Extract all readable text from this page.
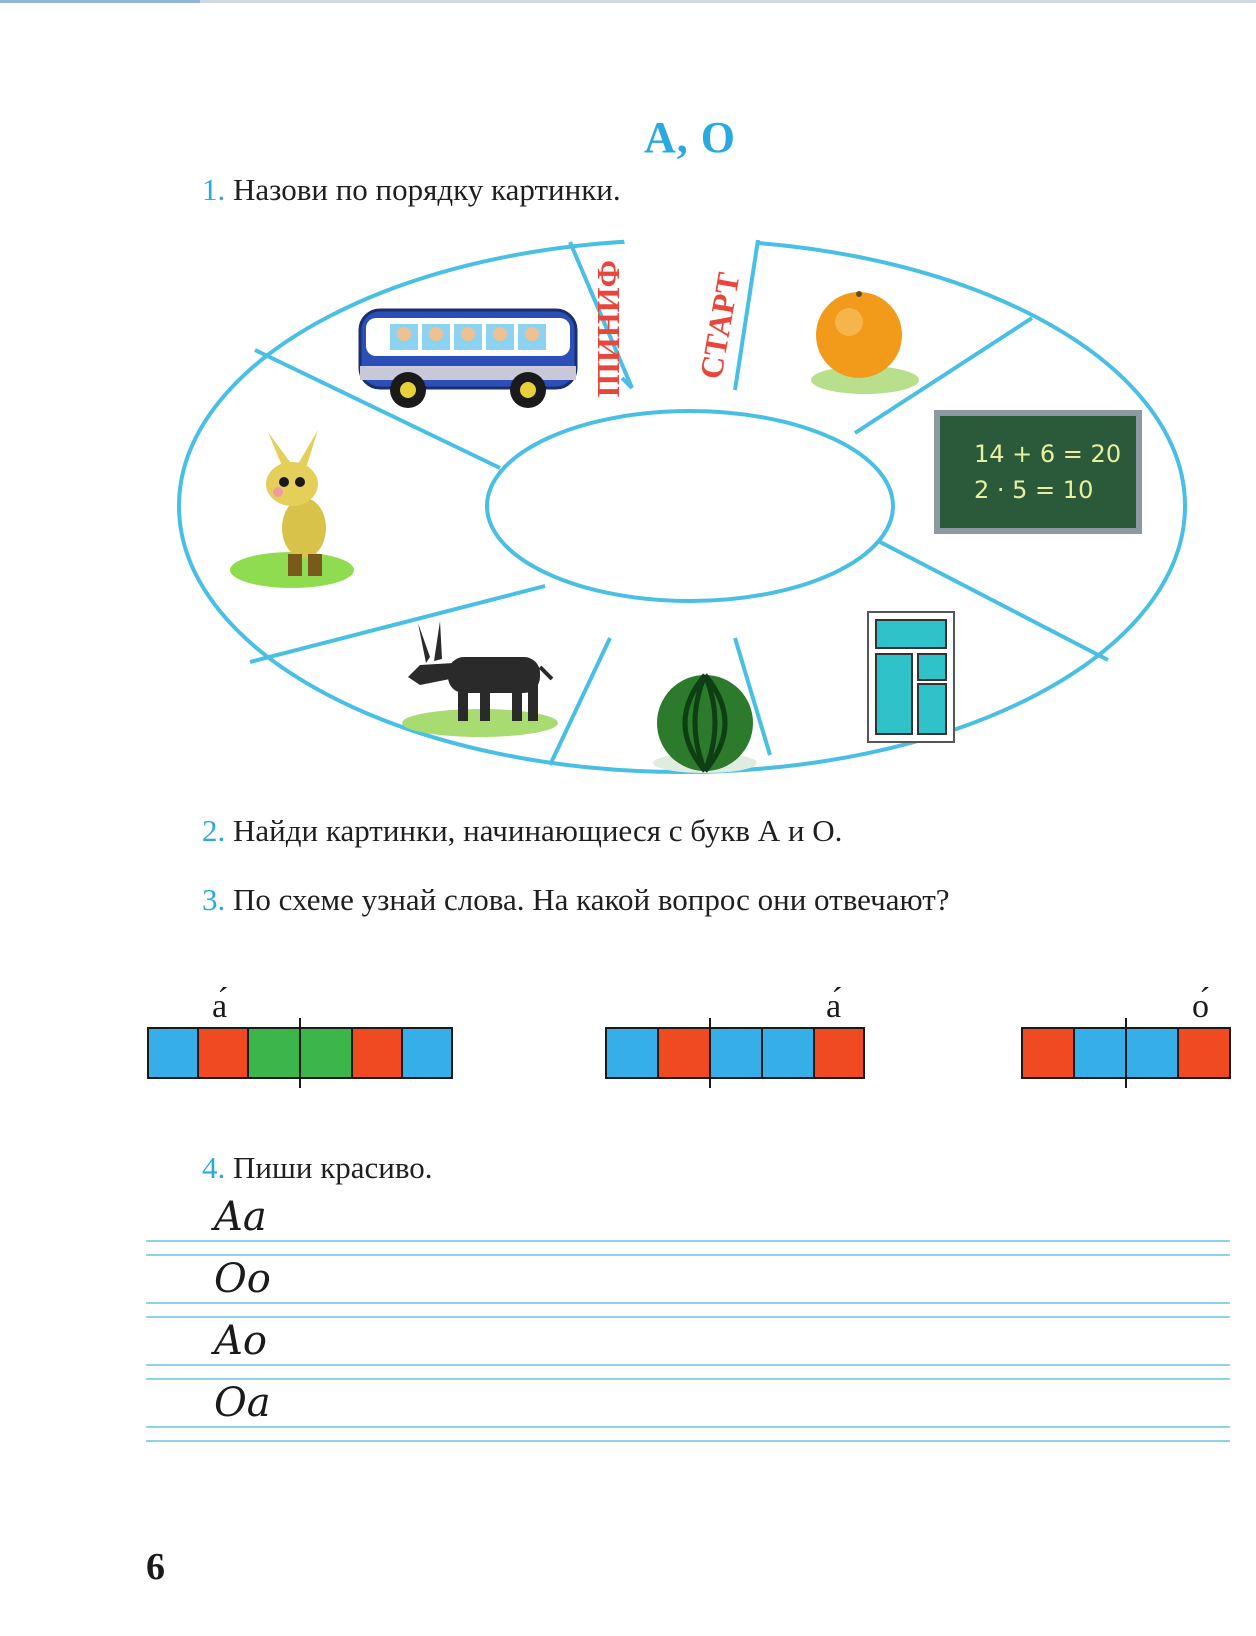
А, О
1. Назови по порядку картинки.
ФИНИШ СТАРТ
14 + 6 = 20
2 · 5 = 10
2. Найди картинки, начинающиеся с букв А и О.
3. По схеме узнай слова. На какой вопрос они отвечают?
а́	а́	о́
4. Пиши красиво.
Aa
Oo
Ao
Oa
6
